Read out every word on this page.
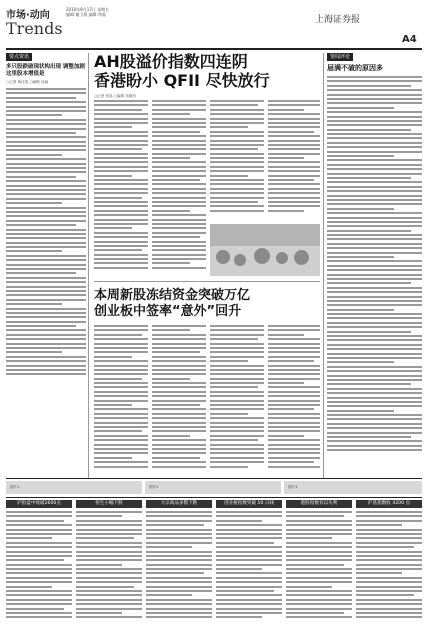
市场·动向
2010年9月17日 星期五
编辑:谢卫群 编辑:李磊
Trends	上海证券报
A4
要点资讯
多只股跌破现状构出现 调整加剧这里股本增值是
○记者 黄诗雯 ○编辑 吴赫
AH股溢价指数四连阴
香港盼小 QFII 尽快放行
○记者 张晶 ○编辑 吴晓庆
本周新股冻结资金突破万亿
创业板中签率“意外”回升
要闻评论
届满不破的原因多
图片1	图片2	图片3
沪指盘中收破2600点	恒生小幅下跌	大宗商品多数下跌	创业板指数突破 50 日线	港股指数有以失利	沪基指数收 4200 点
